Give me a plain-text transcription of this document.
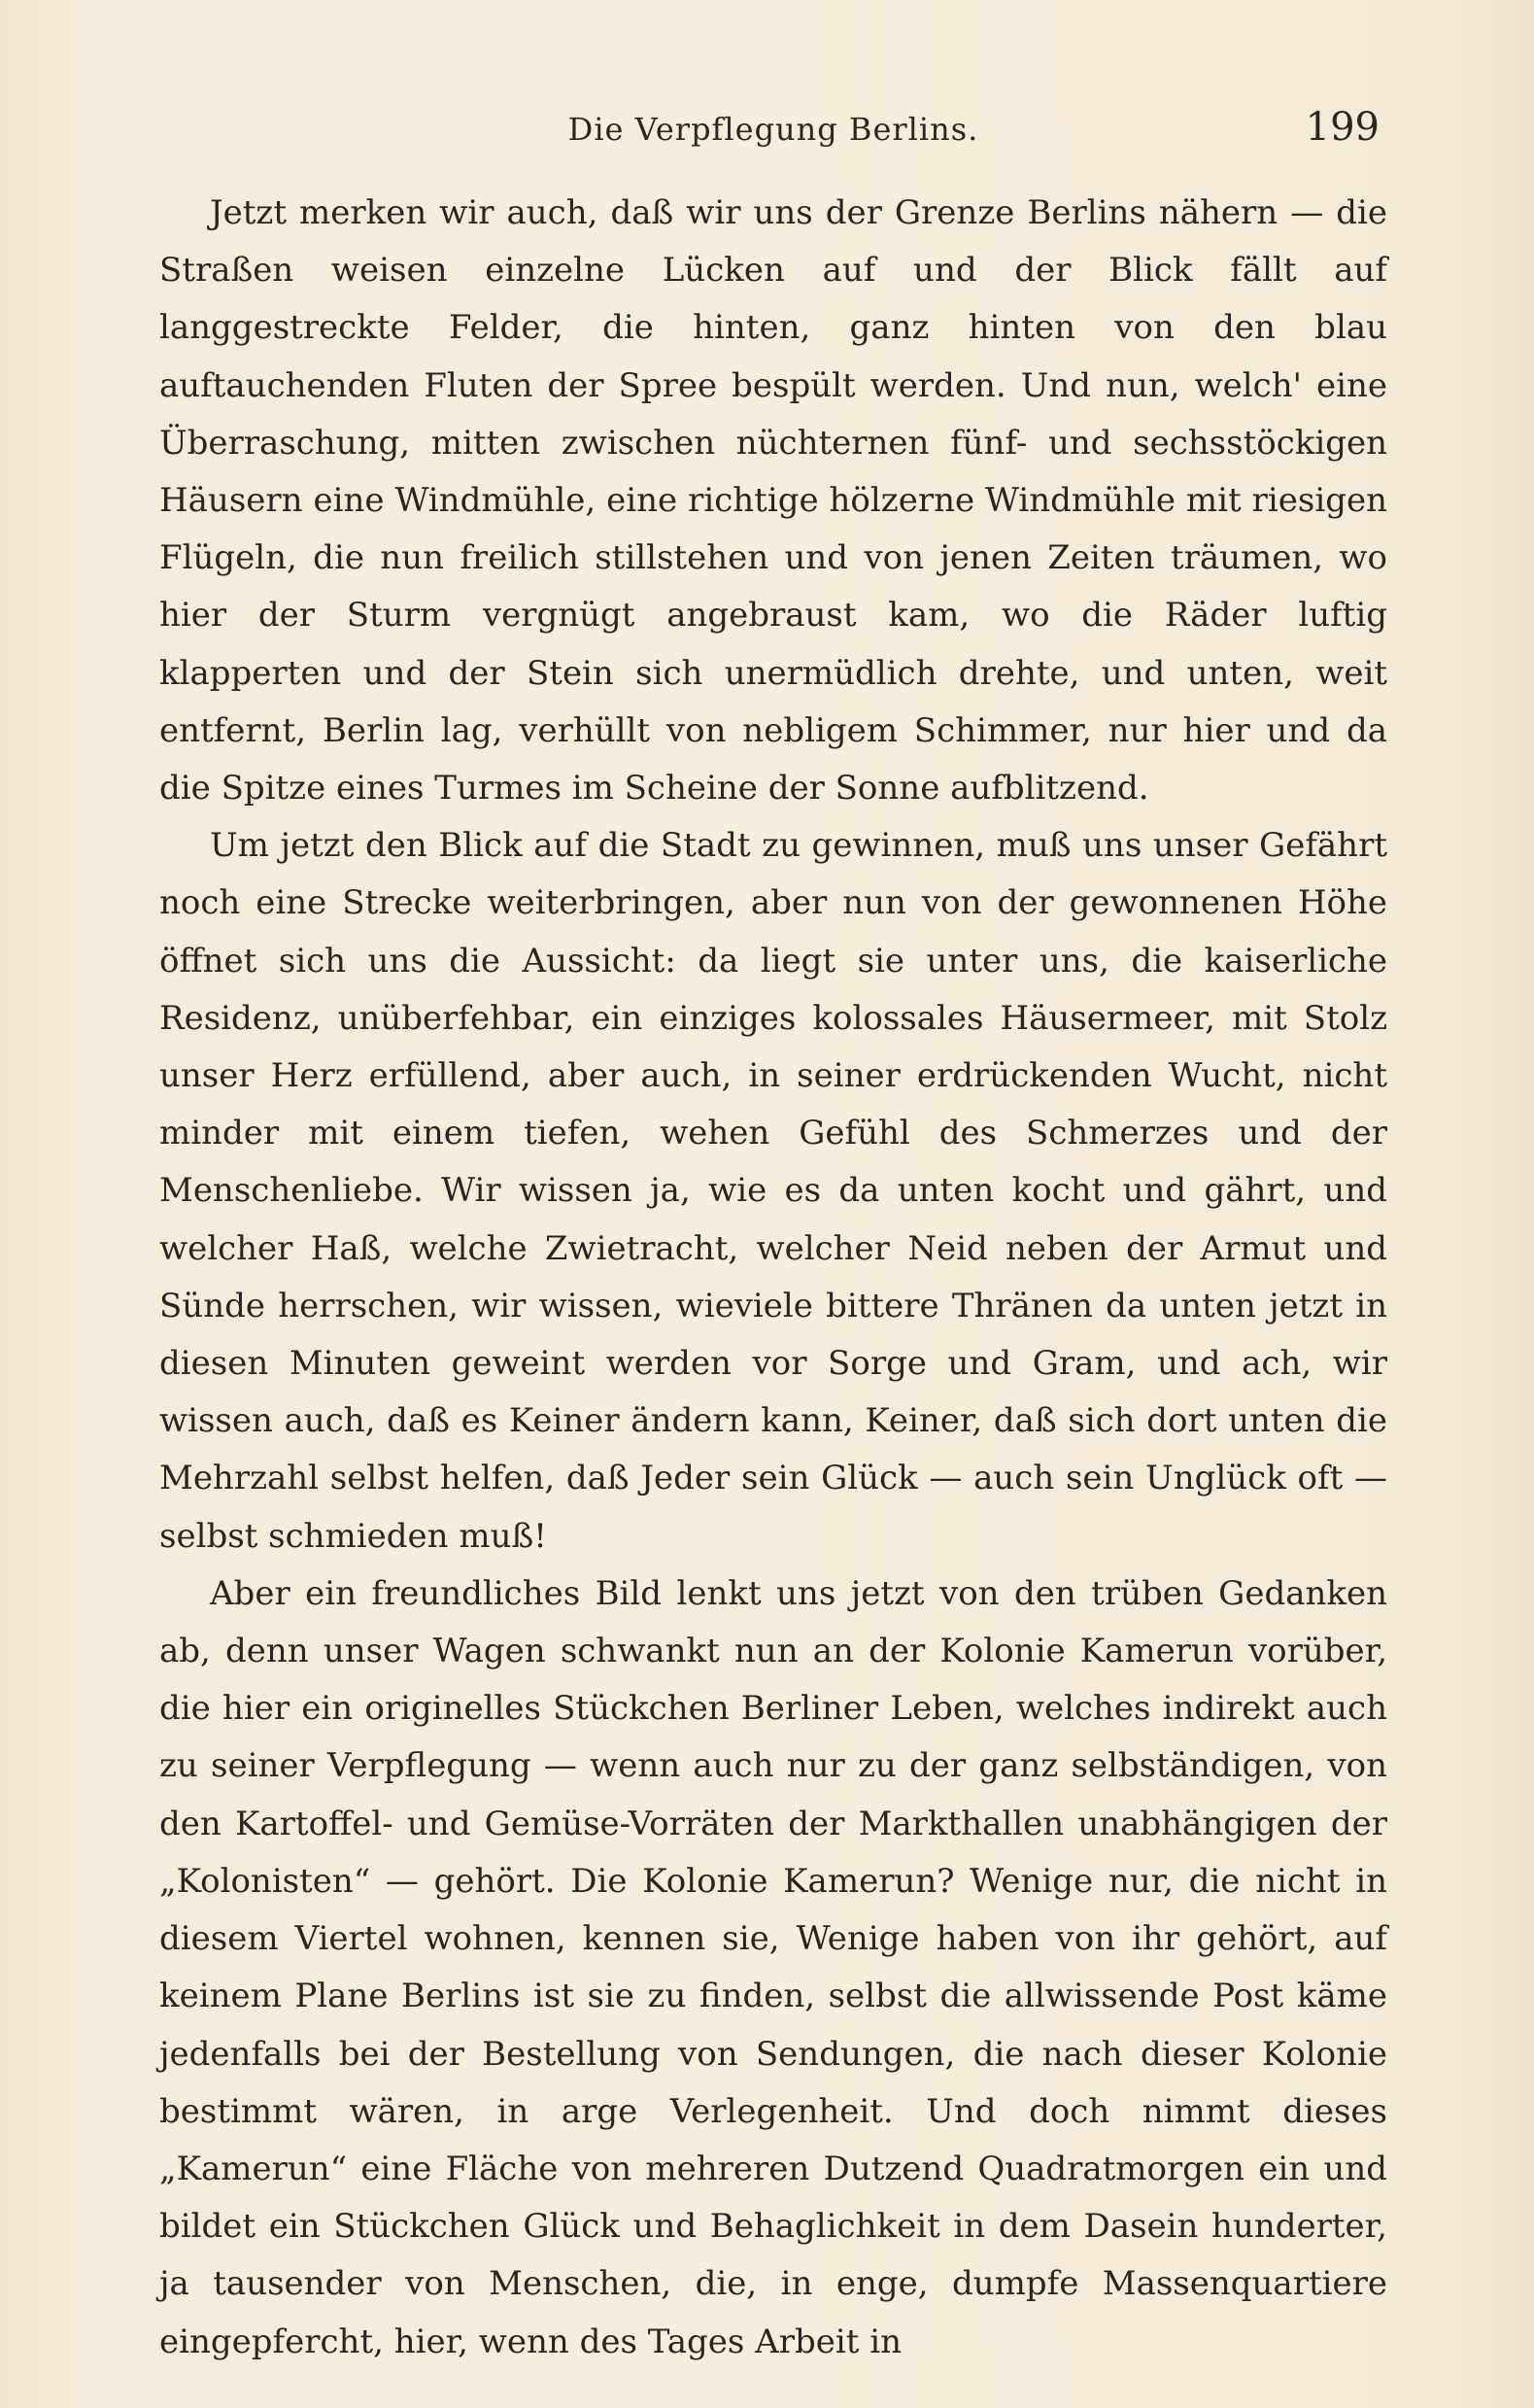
Die Verpflegung Berlins.	199

Jetzt merken wir auch, daß wir uns der Grenze Berlins nähern — die Straßen weisen einzelne Lücken auf und der Blick fällt auf langgestreckte Felder, die hinten, ganz hinten von den blau auftauchenden Fluten der Spree bespült werden. Und nun, welch' eine Überraschung, mitten zwischen nüchternen fünf- und sechsstöckigen Häusern eine Windmühle, eine richtige hölzerne Windmühle mit riesigen Flügeln, die nun freilich stillstehen und von jenen Zeiten träumen, wo hier der Sturm vergnügt angebraust kam, wo die Räder luftig klapperten und der Stein sich unermüdlich drehte, und unten, weit entfernt, Berlin lag, verhüllt von nebligem Schimmer, nur hier und da die Spitze eines Turmes im Scheine der Sonne aufblitzend.

Um jetzt den Blick auf die Stadt zu gewinnen, muß uns unser Gefährt noch eine Strecke weiterbringen, aber nun von der gewonnenen Höhe öffnet sich uns die Aussicht: da liegt sie unter uns, die kaiserliche Residenz, unüberfehbar, ein einziges kolossales Häusermeer, mit Stolz unser Herz erfüllend, aber auch, in seiner erdrückenden Wucht, nicht minder mit einem tiefen, wehen Gefühl des Schmerzes und der Menschenliebe. Wir wissen ja, wie es da unten kocht und gährt, und welcher Haß, welche Zwietracht, welcher Neid neben der Armut und Sünde herrschen, wir wissen, wieviele bittere Thränen da unten jetzt in diesen Minuten geweint werden vor Sorge und Gram, und ach, wir wissen auch, daß es Keiner ändern kann, Keiner, daß sich dort unten die Mehrzahl selbst helfen, daß Jeder sein Glück — auch sein Unglück oft — selbst schmieden muß!

Aber ein freundliches Bild lenkt uns jetzt von den trüben Gedanken ab, denn unser Wagen schwankt nun an der Kolonie Kamerun vorüber, die hier ein originelles Stückchen Berliner Leben, welches indirekt auch zu seiner Verpflegung — wenn auch nur zu der ganz selbständigen, von den Kartoffel- und Gemüse-Vorräten der Markthallen unabhängigen der „Kolonisten“ — gehört. Die Kolonie Kamerun? Wenige nur, die nicht in diesem Viertel wohnen, kennen sie, Wenige haben von ihr gehört, auf keinem Plane Berlins ist sie zu finden, selbst die allwissende Post käme jedenfalls bei der Bestellung von Sendungen, die nach dieser Kolonie bestimmt wären, in arge Verlegenheit. Und doch nimmt dieses „Kamerun“ eine Fläche von mehreren Dutzend Quadratmorgen ein und bildet ein Stückchen Glück und Behaglichkeit in dem Dasein hunderter, ja tausender von Menschen, die, in enge, dumpfe Massenquartiere eingepfercht, hier, wenn des Tages Arbeit in
